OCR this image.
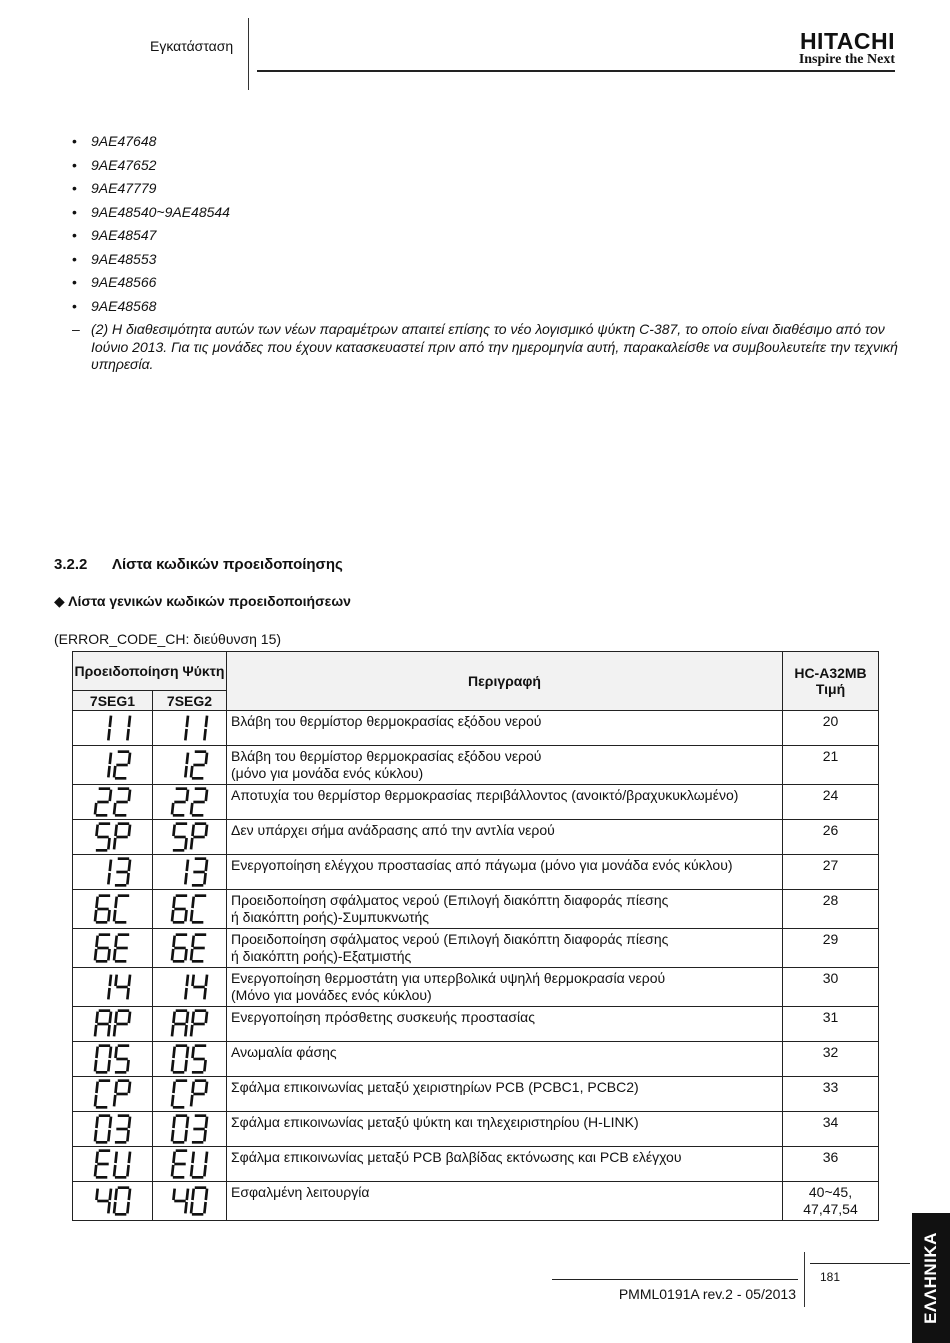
Εγκατάσταση	HITACHI
Inspire the Next
• 9AE47648
• 9AE47652
• 9AE47779
• 9AE48540~9AE48544
• 9AE48547
• 9AE48553
• 9AE48566
• 9AE48568
– (2) Η διαθεσιμότητα αυτών των νέων παραμέτρων απαιτεί επίσης το νέο λογισμικό ψύκτη C-387, το οποίο είναι διαθέσιμο από τον Ιούνιο 2013. Για τις μονάδες που έχουν κατασκευαστεί πριν από την ημερομηνία αυτή, παρακαλείσθε να συμβουλευτείτε την τεχνική υπηρεσία.
3.2.2 Λίστα κωδικών προειδοποίησης
◆ Λίστα γενικών κωδικών προειδοποιήσεων
(ERROR_CODE_CH: διεύθυνση 15)
Προειδοποίηση Ψύκτη		Περιγραφή	HC-A32MB Τιμή
7SEG1	7SEG2		

	Βλάβη του θερμίστορ θερμοκρασίας εξόδου νερού	20

	Βλάβη του θερμίστορ θερμοκρασίας εξόδου νερού
(μόνο για μονάδα ενός κύκλου)	21

	Αποτυχία του θερμίστορ θερμοκρασίας περιβάλλοντος (ανοικτό/βραχυκυκλωμένο)	24

	Δεν υπάρχει σήμα ανάδρασης από την αντλία νερού	26

	Ενεργοποίηση ελέγχου προστασίας από πάγωμα (μόνο για μονάδα ενός κύκλου)	27

	Προειδοποίηση σφάλματος νερού (Επιλογή διακόπτη διαφοράς πίεσης
ή διακόπτη ροής)-Συμπυκνωτής	28

	Προειδοποίηση σφάλματος νερού (Επιλογή διακόπτη διαφοράς πίεσης
ή διακόπτη ροής)-Εξατμιστής	29

	Ενεργοποίηση θερμοστάτη για υπερβολικά υψηλή θερμοκρασία νερού
(Μόνο για μονάδες ενός κύκλου)	30

	Ενεργοποίηση πρόσθετης συσκευής προστασίας	31

	Ανωμαλία φάσης	32

	Σφάλμα επικοινωνίας μεταξύ χειριστηρίων PCB (PCBC1, PCBC2)	33

	Σφάλμα επικοινωνίας μεταξύ ψύκτη και τηλεχειριστηρίου (H-LINK)	34

	Σφάλμα επικοινωνίας μεταξύ PCB βαλβίδας εκτόνωσης και PCB ελέγχου	36

	Εσφαλμένη λειτουργία	40~45,
47,47,54
PMML0191A rev.2 - 05/2013
181	ΕΛΛΗΝΙΚΑ
